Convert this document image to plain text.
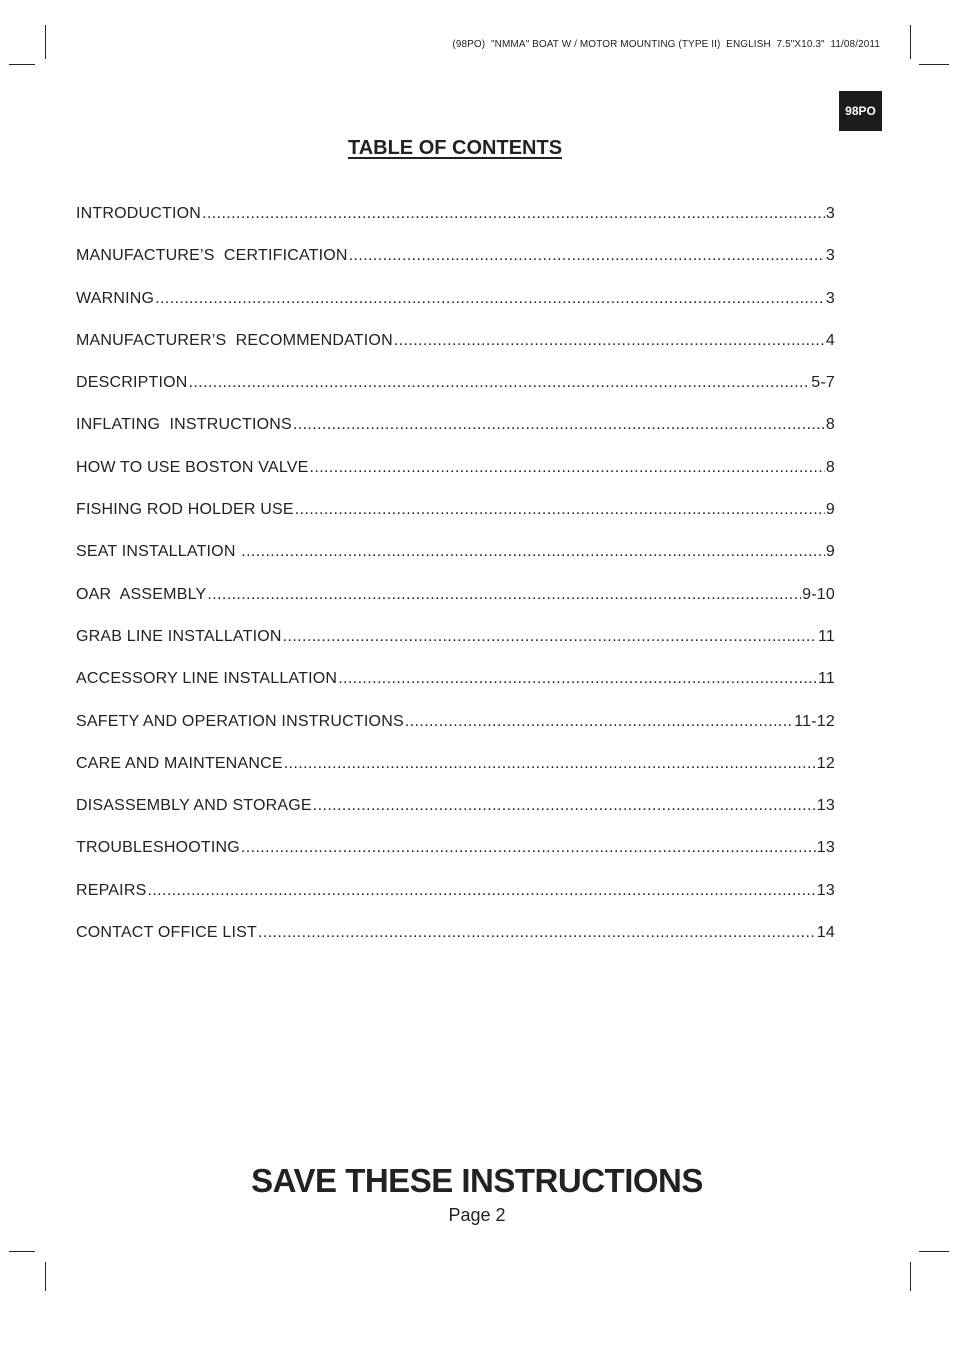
(98PO)  "NMMA" BOAT W / MOTOR MOUNTING (TYPE II)  ENGLISH  7.5"X10.3"  11/08/2011
98PO
TABLE OF CONTENTS
INTRODUCTION .....	3
MANUFACTURE’S  CERTIFICATION .....	3
WARNING .....	3
MANUFACTURER’S  RECOMMENDATION .....	4
DESCRIPTION .....	5-7
INFLATING  INSTRUCTIONS .....	8
HOW TO USE BOSTON VALVE .....	8
FISHING ROD HOLDER USE .....	9
SEAT INSTALLATION .....	9
OAR  ASSEMBLY .....	9-10
GRAB LINE INSTALLATION .....	11
ACCESSORY LINE INSTALLATION .....	11
SAFETY AND OPERATION INSTRUCTIONS .....	11-12
CARE AND MAINTENANCE .....	12
DISASSEMBLY AND STORAGE .....	13
TROUBLESHOOTING .....	13
REPAIRS .....	13
CONTACT OFFICE LIST .....	14
SAVE THESE INSTRUCTIONS
Page 2
